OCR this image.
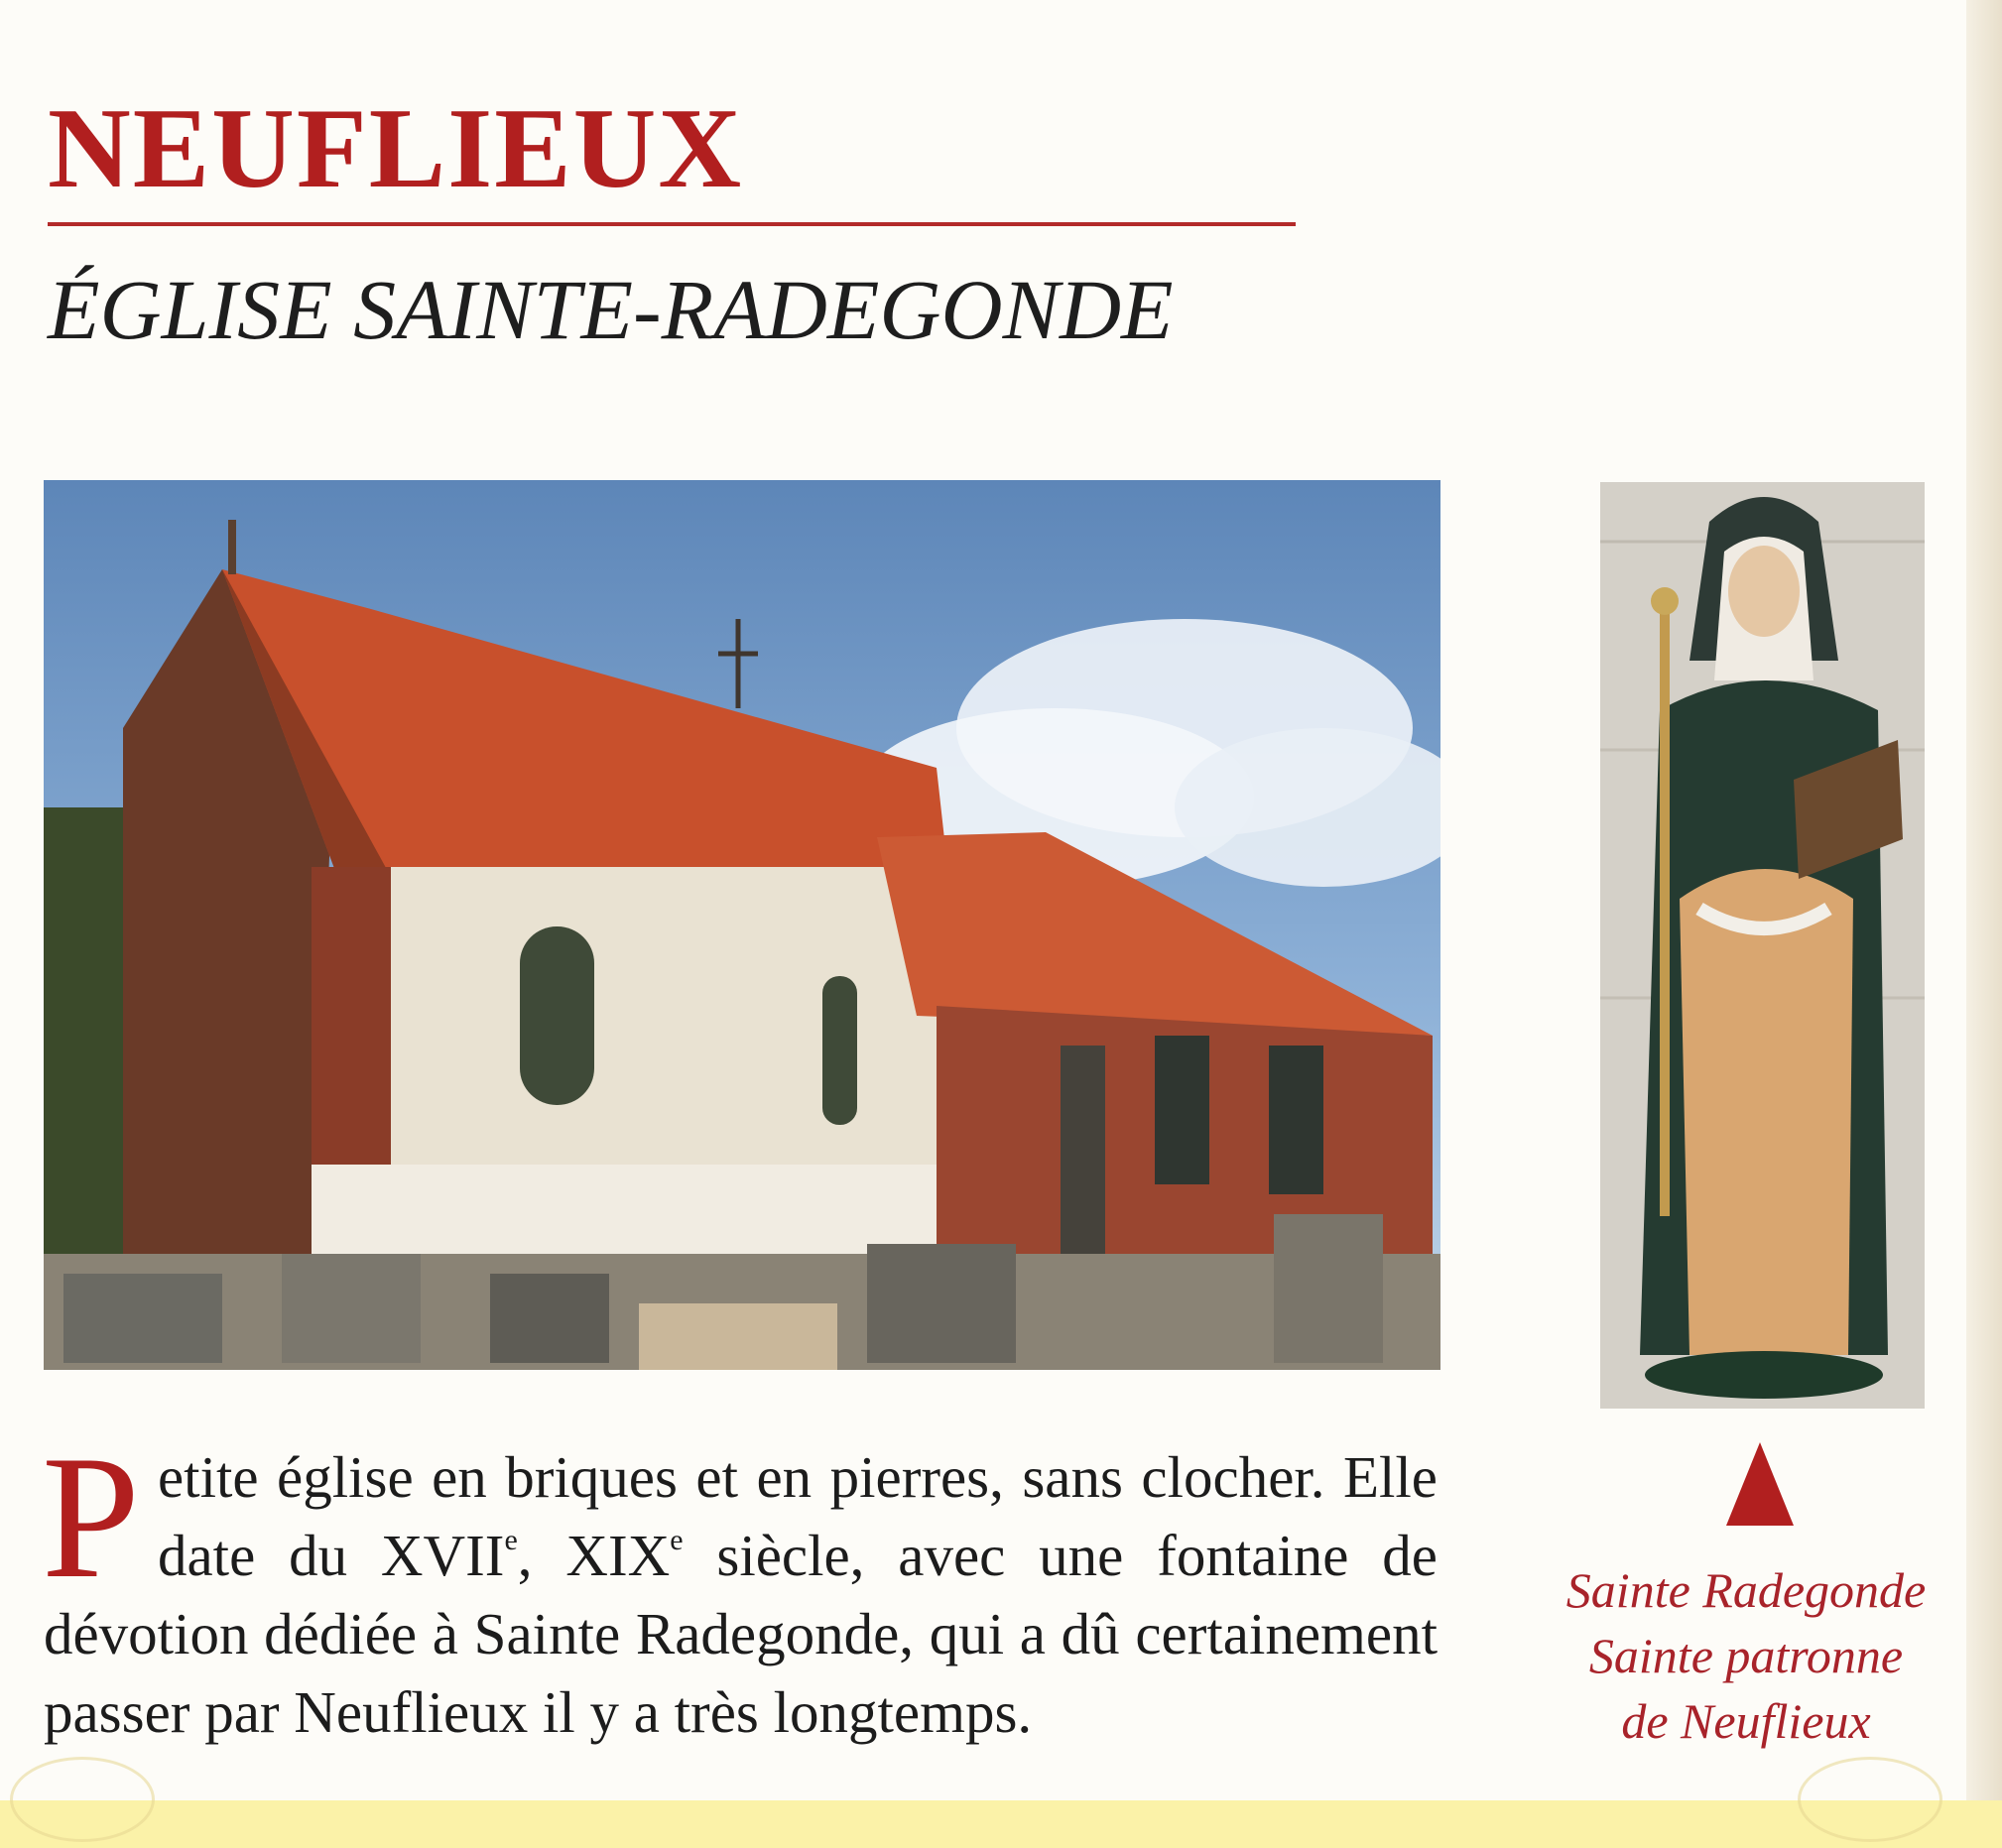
NEUFLIEUX
ÉGLISE SAINTE-RADEGONDE

Petite église en briques et en pierres, sans clocher. Elle date du XVIIe, XIXe siècle, avec une fontaine de dévotion dédiée à Sainte Radegonde, qui a dû certainement passer par Neuflieux il y a très longtemps.

Sainte Radegonde
Sainte patronne
de Neuflieux
